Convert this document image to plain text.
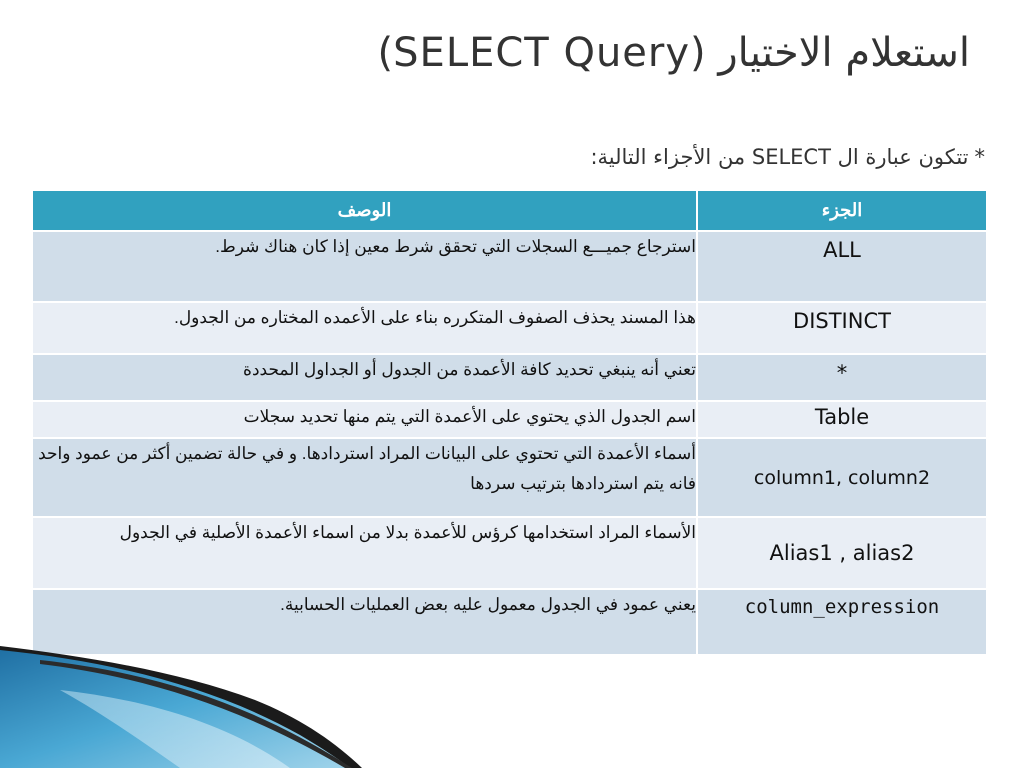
استعلام الاختيار (SELECT Query)
*تتكون عبارة ال SELECT من الأجزاء التالية:
الوصف	الجزء
استرجاع جميـــع السجلات التي تحقق شرط معين إذا كان هناك شرط.	ALL
هذا المسند يحذف الصفوف المتكرره بناء على الأعمده المختاره من الجدول.	DISTINCT
تعني أنه ينبغي تحديد كافة الأعمدة من الجدول أو الجداول المحددة	*
اسم الجدول الذي يحتوي على الأعمدة التي يتم منها تحديد سجلات	Table
أسماء الأعمدة التي تحتوي على البيانات المراد استردادها. و في حالة تضمين أكثر من عمود واحد فانه يتم استردادها بترتيب سردها	column1, column2
الأسماء المراد استخدامها كرؤس للأعمدة بدلا من اسماء الأعمدة الأصلية في الجدول	Alias1 , alias2
يعني عمود في الجدول معمول عليه بعض العمليات الحسابية.	column_expression
